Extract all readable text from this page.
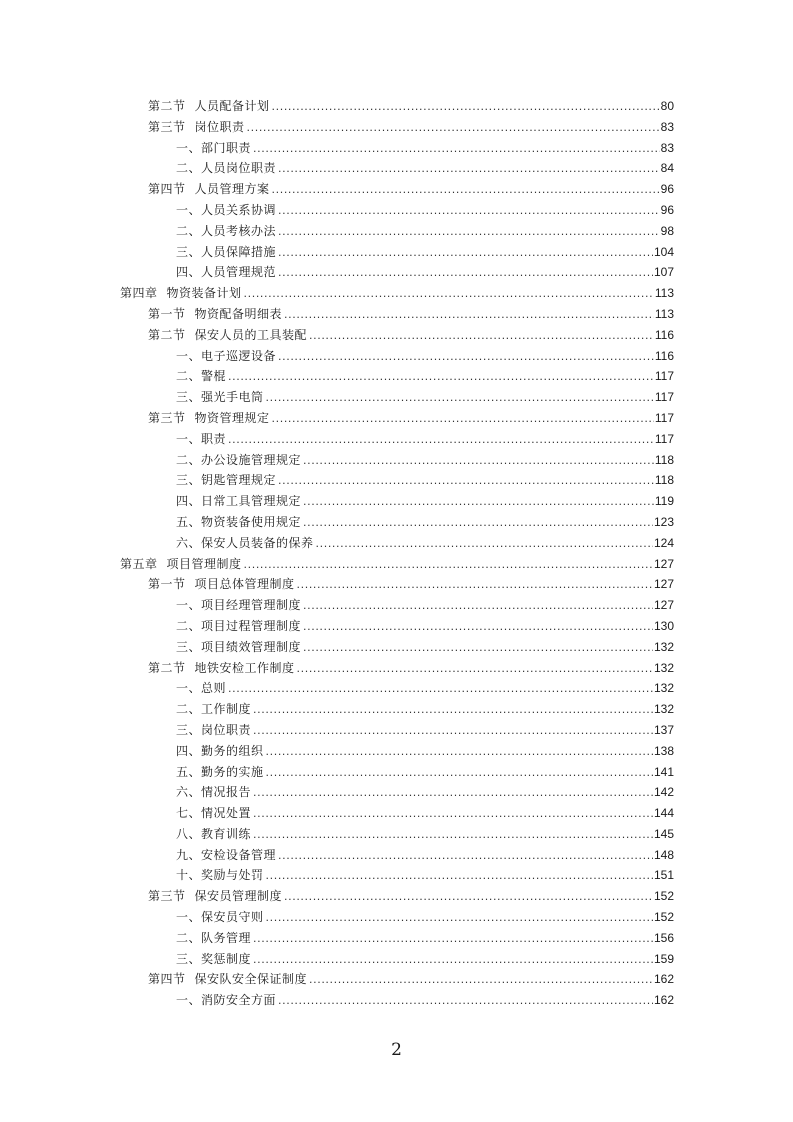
第二节 人员配备计划 .....	80
第三节 岗位职责 .....	83
一、 部门职责 .....	83
二、 人员岗位职责 .....	84
第四节 人员管理方案 .....	96
一、 人员关系协调 .....	96
二、 人员考核办法 .....	98
三、 人员保障措施 .....	104
四、 人员管理规范 .....	107
第四章 物资装备计划 .....	113
第一节 物资配备明细表 .....	113
第二节 保安人员的工具装配 .....	116
一、 电子巡逻设备 .....	116
二、 警棍 .....	117
三、 强光手电筒 .....	117
第三节 物资管理规定 .....	117
一、 职责 .....	117
二、 办公设施管理规定 .....	118
三、 钥匙管理规定 .....	118
四、 日常工具管理规定 .....	119
五、 物资装备使用规定 .....	123
六、 保安人员装备的保养 .....	124
第五章 项目管理制度 .....	127
第一节 项目总体管理制度 .....	127
一、 项目经理管理制度 .....	127
二、 项目过程管理制度 .....	130
三、 项目绩效管理制度 .....	132
第二节 地铁安检工作制度 .....	132
一、 总则 .....	132
二、 工作制度 .....	132
三、 岗位职责 .....	137
四、 勤务的组织 .....	138
五、 勤务的实施 .....	141
六、 情况报告 .....	142
七、 情况处置 .....	144
八、 教育训练 .....	145
九、 安检设备管理 .....	148
十、 奖励与处罚 .....	151
第三节 保安员管理制度 .....	152
一、 保安员守则 .....	152
二、 队务管理 .....	156
三、 奖惩制度 .....	159
第四节 保安队安全保证制度 .....	162
一、 消防安全方面 .....	162
2
